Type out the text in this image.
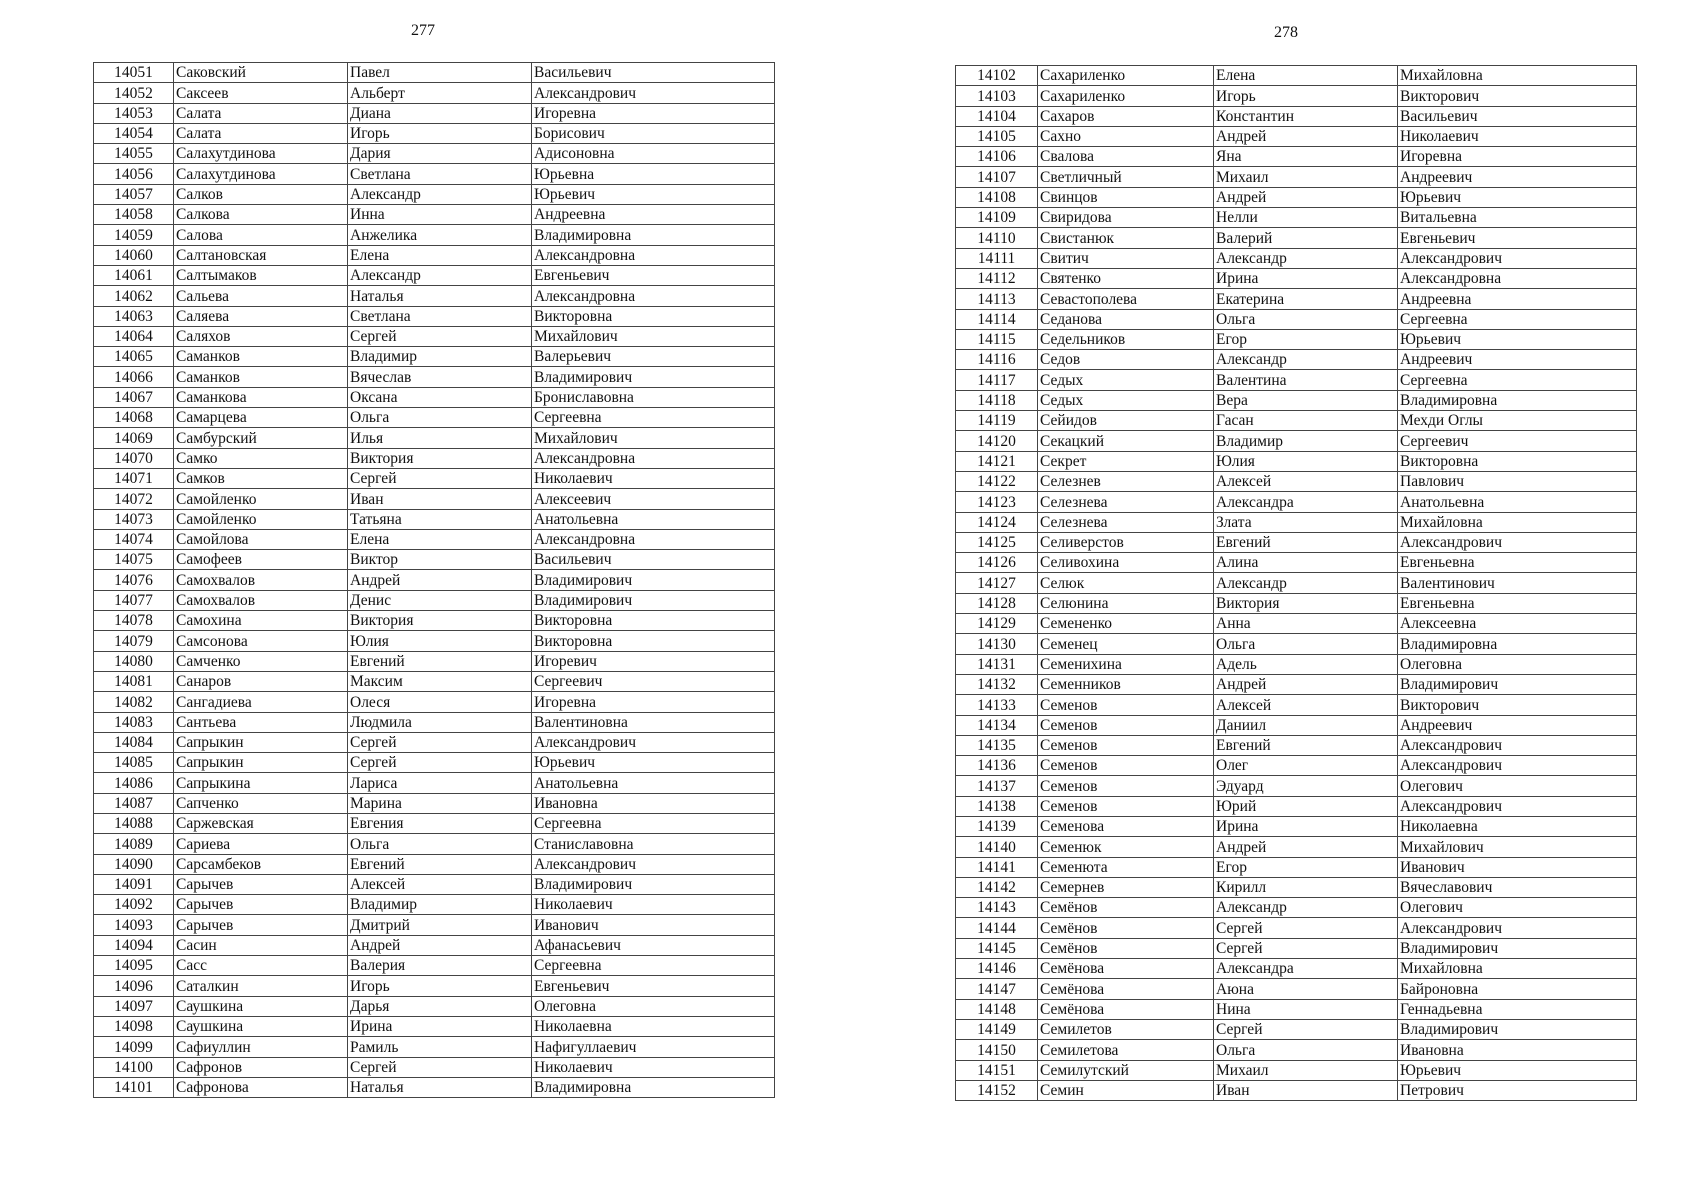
277
14051	Саковский	Павел	Васильевич
14052	Саксеев	Альберт	Александрович
14053	Салата	Диана	Игоревна
14054	Салата	Игорь	Борисович
14055	Салахутдинова	Дария	Адисоновна
14056	Салахутдинова	Светлана	Юрьевна
14057	Салков	Александр	Юрьевич
14058	Салкова	Инна	Андреевна
14059	Салова	Анжелика	Владимировна
14060	Салтановская	Елена	Александровна
14061	Салтымаков	Александр	Евгеньевич
14062	Сальева	Наталья	Александровна
14063	Саляева	Светлана	Викторовна
14064	Саляхов	Сергей	Михайлович
14065	Саманков	Владимир	Валерьевич
14066	Саманков	Вячеслав	Владимирович
14067	Саманкова	Оксана	Брониславовна
14068	Самарцева	Ольга	Сергеевна
14069	Самбурский	Илья	Михайлович
14070	Самко	Виктория	Александровна
14071	Самков	Сергей	Николаевич
14072	Самойленко	Иван	Алексеевич
14073	Самойленко	Татьяна	Анатольевна
14074	Самойлова	Елена	Александровна
14075	Самофеев	Виктор	Васильевич
14076	Самохвалов	Андрей	Владимирович
14077	Самохвалов	Денис	Владимирович
14078	Самохина	Виктория	Викторовна
14079	Самсонова	Юлия	Викторовна
14080	Самченко	Евгений	Игоревич
14081	Санаров	Максим	Сергеевич
14082	Сангадиева	Олеся	Игоревна
14083	Сантьева	Людмила	Валентиновна
14084	Сапрыкин	Сергей	Александрович
14085	Сапрыкин	Сергей	Юрьевич
14086	Сапрыкина	Лариса	Анатольевна
14087	Сапченко	Марина	Ивановна
14088	Саржевская	Евгения	Сергеевна
14089	Сариева	Ольга	Станиславовна
14090	Сарсамбеков	Евгений	Александрович
14091	Сарычев	Алексей	Владимирович
14092	Сарычев	Владимир	Николаевич
14093	Сарычев	Дмитрий	Иванович
14094	Сасин	Андрей	Афанасьевич
14095	Сасс	Валерия	Сергеевна
14096	Саталкин	Игорь	Евгеньевич
14097	Саушкина	Дарья	Олеговна
14098	Саушкина	Ирина	Николаевна
14099	Сафиуллин	Рамиль	Нафигуллаевич
14100	Сафронов	Сергей	Николаевич
14101	Сафронова	Наталья	Владимировна
278
14102	Сахариленко	Елена	Михайловна
14103	Сахариленко	Игорь	Викторович
14104	Сахаров	Константин	Васильевич
14105	Сахно	Андрей	Николаевич
14106	Свалова	Яна	Игоревна
14107	Светличный	Михаил	Андреевич
14108	Свинцов	Андрей	Юрьевич
14109	Свиридова	Нелли	Витальевна
14110	Свистанюк	Валерий	Евгеньевич
14111	Свитич	Александр	Александрович
14112	Святенко	Ирина	Александровна
14113	Севастополева	Екатерина	Андреевна
14114	Седанова	Ольга	Сергеевна
14115	Седельников	Егор	Юрьевич
14116	Седов	Александр	Андреевич
14117	Седых	Валентина	Сергеевна
14118	Седых	Вера	Владимировна
14119	Сейидов	Гасан	Мехди Оглы
14120	Секацкий	Владимир	Сергеевич
14121	Секрет	Юлия	Викторовна
14122	Селезнев	Алексей	Павлович
14123	Селезнева	Александра	Анатольевна
14124	Селезнева	Злата	Михайловна
14125	Селиверстов	Евгений	Александрович
14126	Селивохина	Алина	Евгеньевна
14127	Селюк	Александр	Валентинович
14128	Селюнина	Виктория	Евгеньевна
14129	Семененко	Анна	Алексеевна
14130	Семенец	Ольга	Владимировна
14131	Семенихина	Адель	Олеговна
14132	Семенников	Андрей	Владимирович
14133	Семенов	Алексей	Викторович
14134	Семенов	Даниил	Андреевич
14135	Семенов	Евгений	Александрович
14136	Семенов	Олег	Александрович
14137	Семенов	Эдуард	Олегович
14138	Семенов	Юрий	Александрович
14139	Семенова	Ирина	Николаевна
14140	Семенюк	Андрей	Михайлович
14141	Семенюта	Егор	Иванович
14142	Семернев	Кирилл	Вячеславович
14143	Семёнов	Александр	Олегович
14144	Семёнов	Сергей	Александрович
14145	Семёнов	Сергей	Владимирович
14146	Семёнова	Александра	Михайловна
14147	Семёнова	Аюна	Байроновна
14148	Семёнова	Нина	Геннадьевна
14149	Семилетов	Сергей	Владимирович
14150	Семилетова	Ольга	Ивановна
14151	Семилутский	Михаил	Юрьевич
14152	Семин	Иван	Петрович
